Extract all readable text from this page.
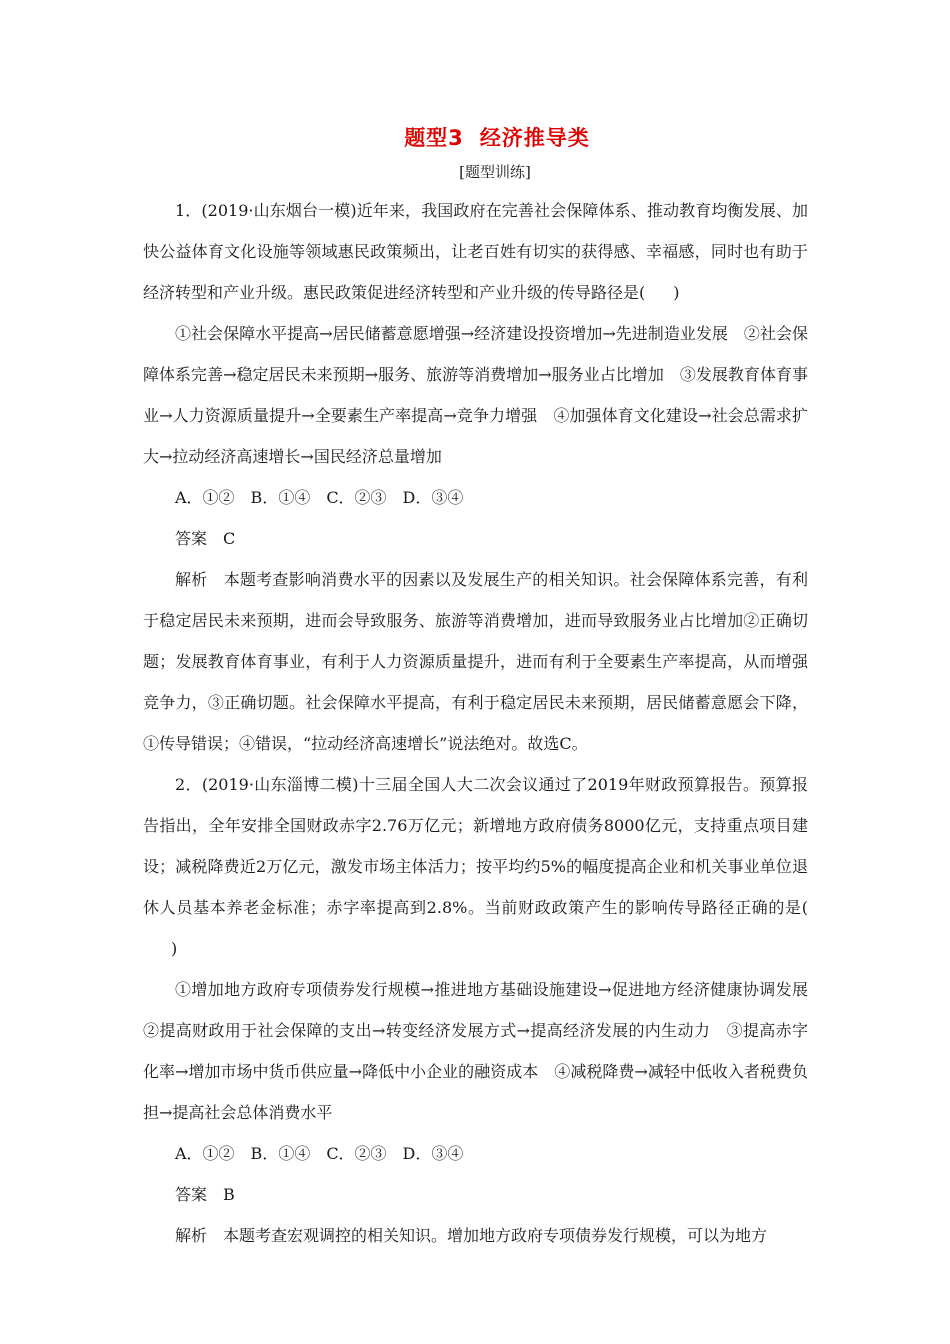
题型3 经济推导类
[题型训练]

1．(2019·山东烟台一模)近年来，我国政府在完善社会保障体系、推动教育均衡发展、加快公益体育文化设施等领域惠民政策频出，让老百姓有切实的获得感、幸福感，同时也有助于经济转型和产业升级。惠民政策促进经济转型和产业升级的传导路径是( )

①社会保障水平提高→居民储蓄意愿增强→经济建设投资增加→先进制造业发展　②社会保障体系完善→稳定居民未来预期→服务、旅游等消费增加→服务业占比增加　③发展教育体育事业→人力资源质量提升→全要素生产率提高→竞争力增强　④加强体育文化建设→社会总需求扩大→拉动经济高速增长→国民经济总量增加

A．①②　B．①④　C．②③　D．③④

答案　C

解析　本题考查影响消费水平的因素以及发展生产的相关知识。社会保障体系完善，有利于稳定居民未来预期，进而会导致服务、旅游等消费增加，进而导致服务业占比增加②正确切题；发展教育体育事业，有利于人力资源质量提升，进而有利于全要素生产率提高，从而增强竞争力，③正确切题。社会保障水平提高，有利于稳定居民未来预期，居民储蓄意愿会下降，①传导错误；④错误，“拉动经济高速增长”说法绝对。故选C。

2．(2019·山东淄博二模)十三届全国人大二次会议通过了2019年财政预算报告。预算报告指出，全年安排全国财政赤字2.76万亿元；新增地方政府债务8000亿元，支持重点项目建设；减税降费近2万亿元，激发市场主体活力；按平均约5%的幅度提高企业和机关事业单位退休人员基本养老金标准；赤字率提高到2.8%。当前财政政策产生的影响传导路径正确的是()

①增加地方政府专项债券发行规模→推进地方基础设施建设→促进地方经济健康协调发展　②提高财政用于社会保障的支出→转变经济发展方式→提高经济发展的内生动力　③提高赤字化率→增加市场中货币供应量→降低中小企业的融资成本　④减税降费→减轻中低收入者税费负担→提高社会总体消费水平

A．①②　B．①④　C．②③　D．③④

答案　B

解析　本题考查宏观调控的相关知识。增加地方政府专项债券发行规模，可以为地方
